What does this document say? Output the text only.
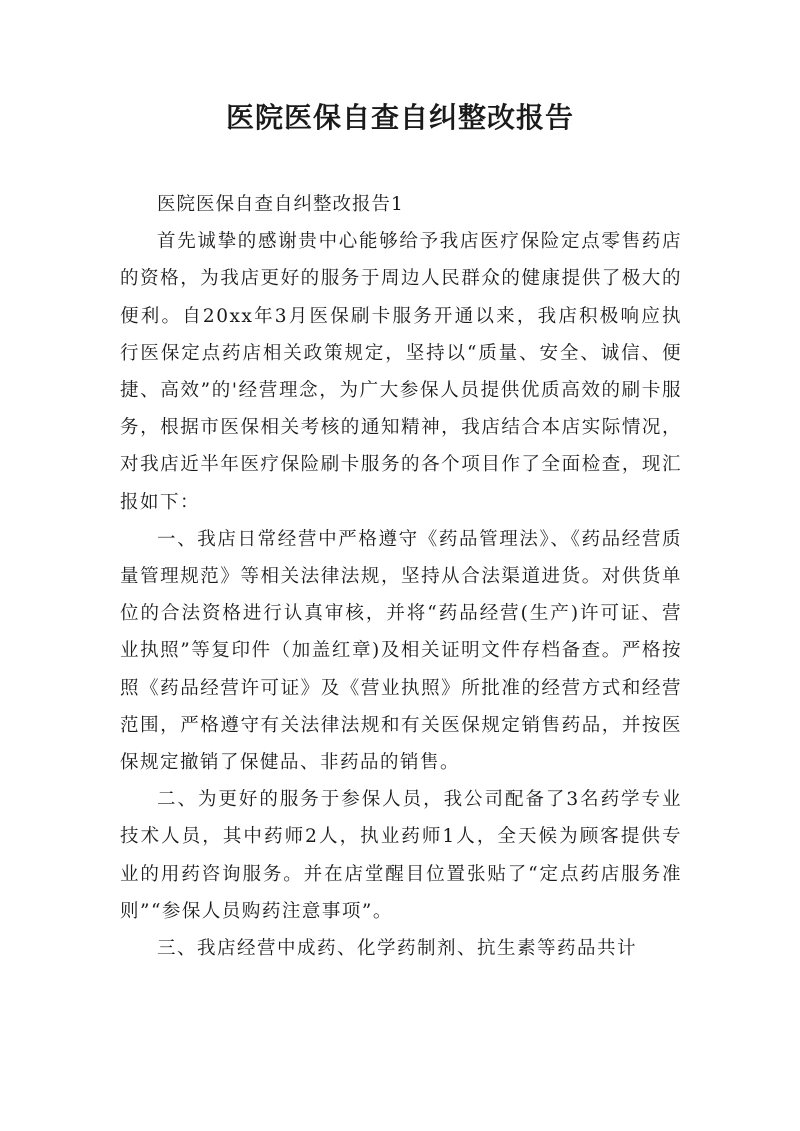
医院医保自查自纠整改报告

医院医保自查自纠整改报告1

首先诚挚的感谢贵中心能够给予我店医疗保险定点零售药店的资格，为我店更好的服务于周边人民群众的健康提供了极大的便利。自20xx年3月医保刷卡服务开通以来，我店积极响应执行医保定点药店相关政策规定，坚持以“质量、安全、诚信、便捷、高效”的'经营理念，为广大参保人员提供优质高效的刷卡服务，根据市医保相关考核的通知精神，我店结合本店实际情况，对我店近半年医疗保险刷卡服务的各个项目作了全面检查，现汇报如下：

一、我店日常经营中严格遵守《药品管理法》、《药品经营质量管理规范》等相关法律法规，坚持从合法渠道进货。对供货单位的合法资格进行认真审核，并将“药品经营(生产)许可证、营业执照”等复印件（加盖红章)及相关证明文件存档备查。严格按照《药品经营许可证》及《营业执照》所批准的经营方式和经营范围，严格遵守有关法律法规和有关医保规定销售药品，并按医保规定撤销了保健品、非药品的销售。

二、为更好的服务于参保人员，我公司配备了3名药学专业技术人员，其中药师2人，执业药师1人，全天候为顾客提供专业的用药咨询服务。并在店堂醒目位置张贴了“定点药店服务准则”“参保人员购药注意事项”。

三、我店经营中成药、化学药制剂、抗生素等药品共计
